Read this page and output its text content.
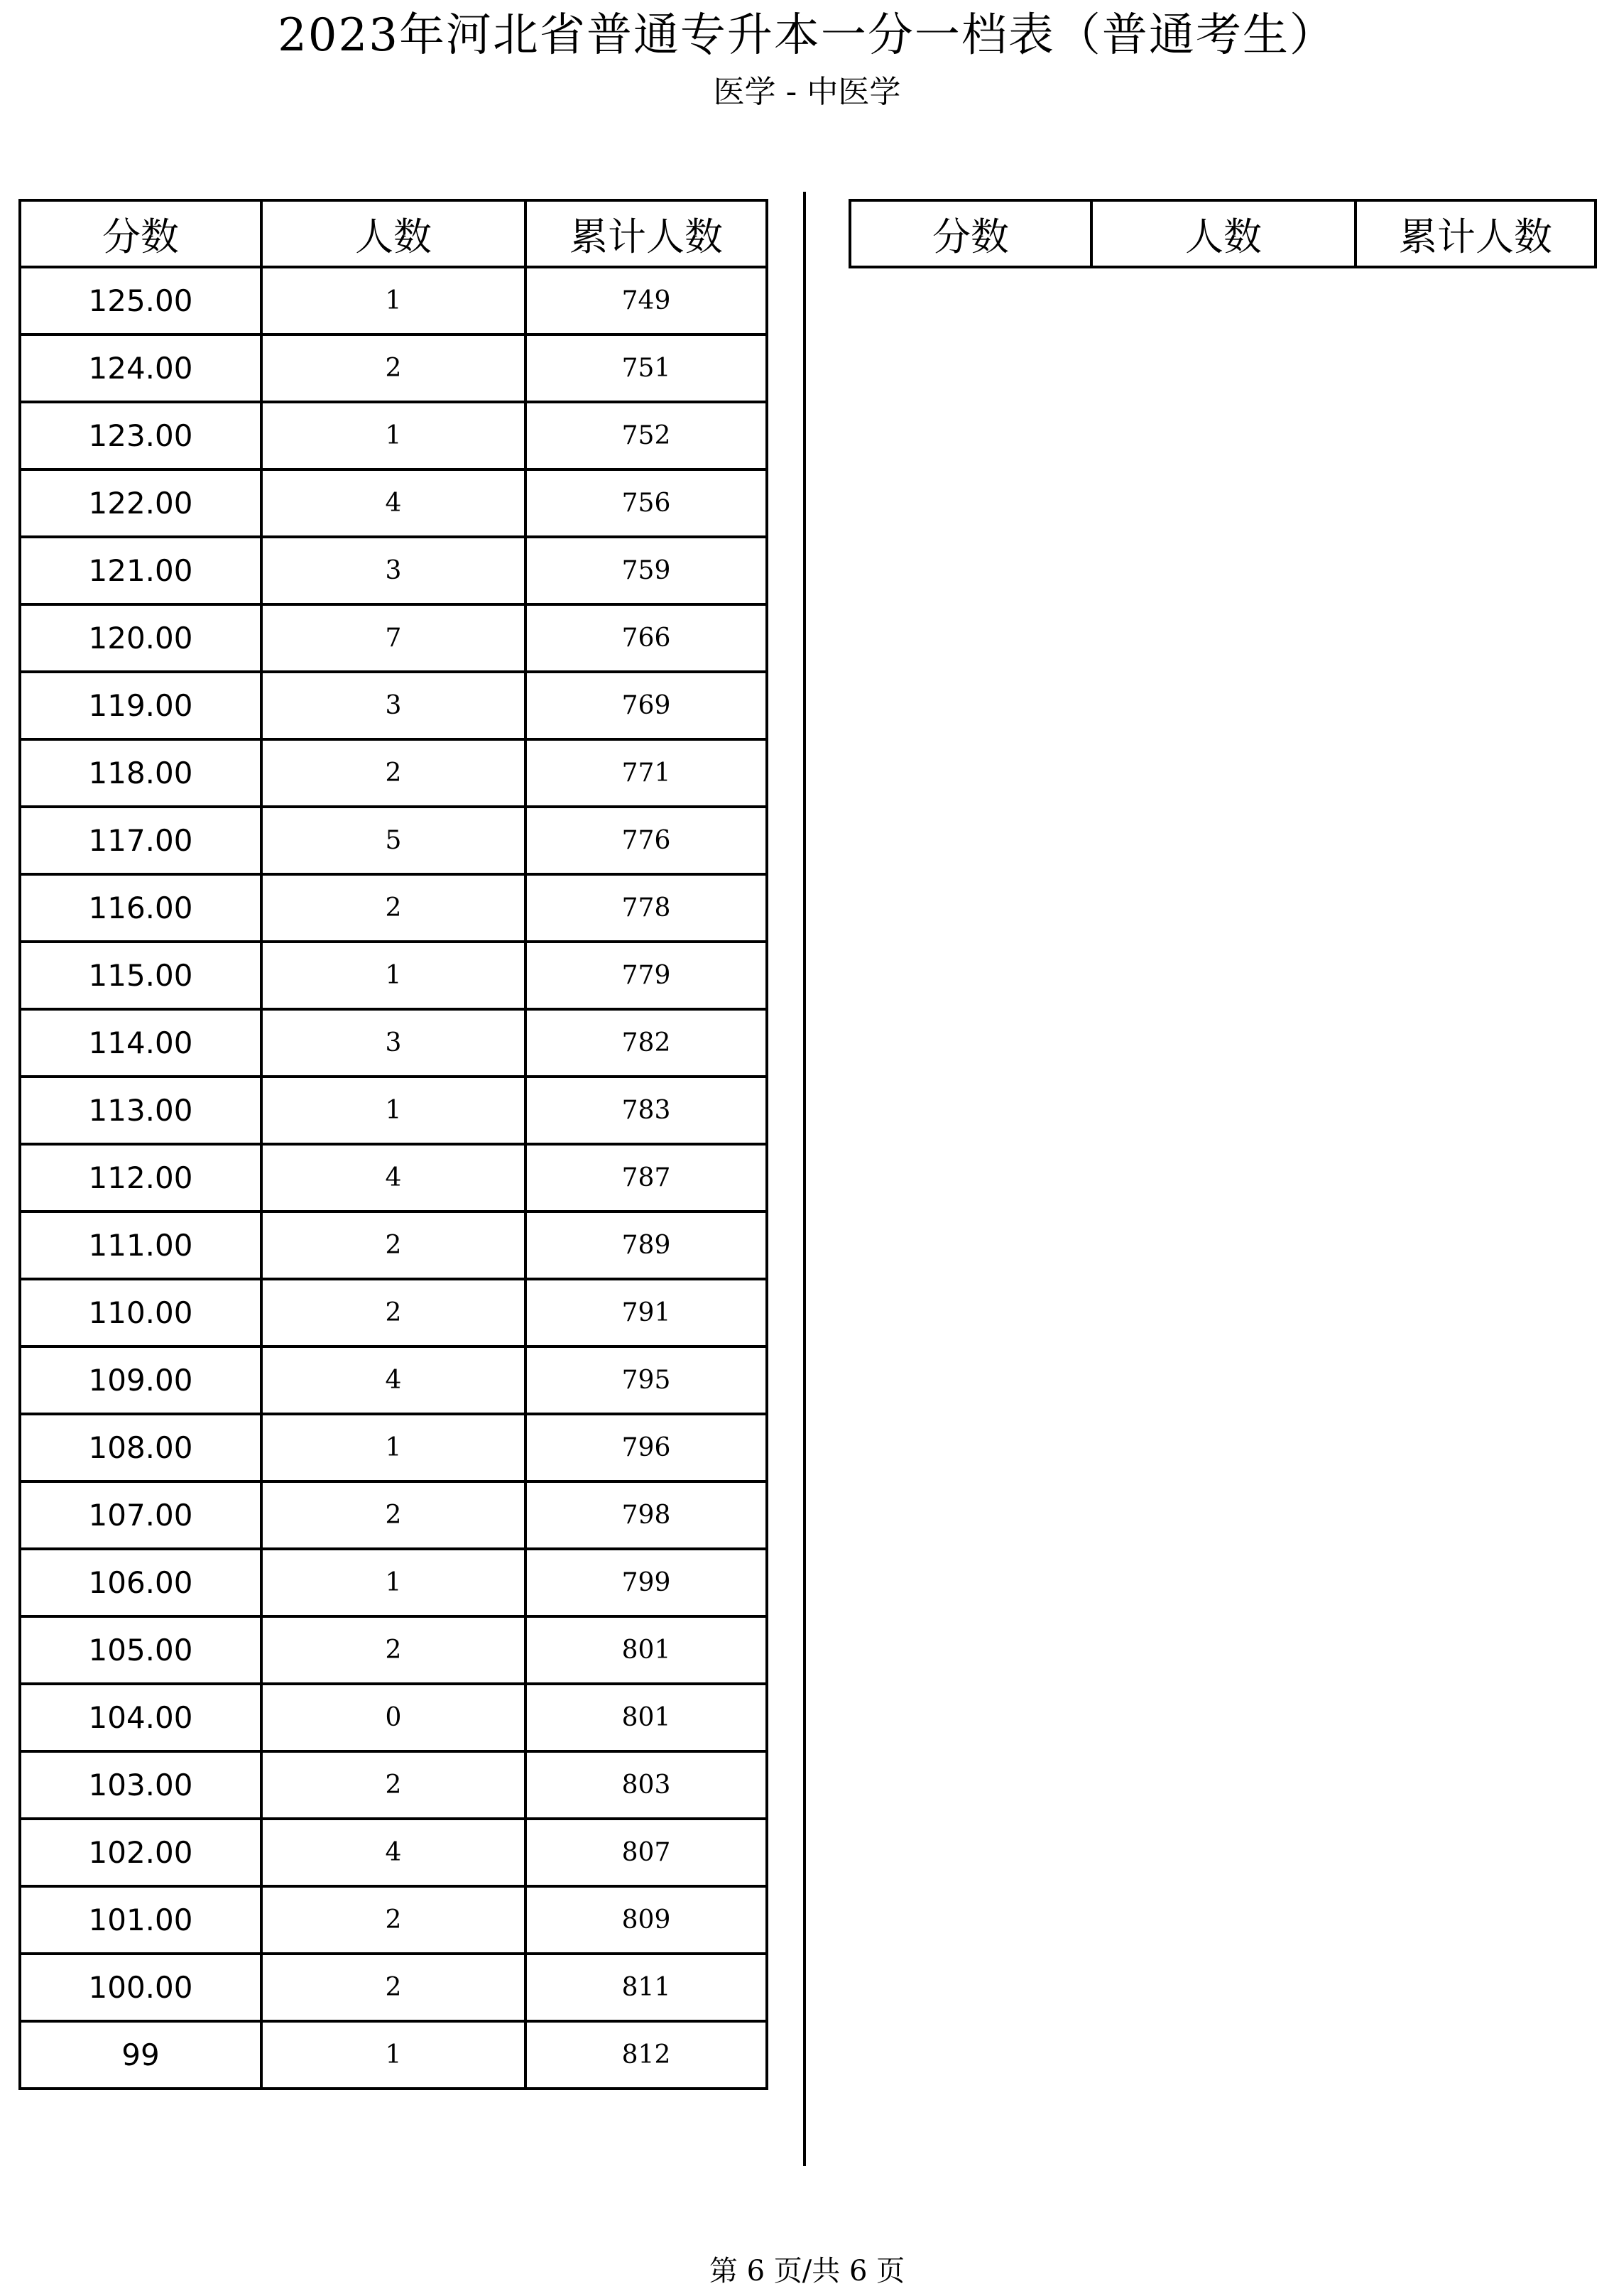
2023年河北省普通专升本一分一档表（普通考生）
医学 - 中医学
分数	人数	累计人数
125.00	1	749
124.00	2	751
123.00	1	752
122.00	4	756
121.00	3	759
120.00	7	766
119.00	3	769
118.00	2	771
117.00	5	776
116.00	2	778
115.00	1	779
114.00	3	782
113.00	1	783
112.00	4	787
111.00	2	789
110.00	2	791
109.00	4	795
108.00	1	796
107.00	2	798
106.00	1	799
105.00	2	801
104.00	0	801
103.00	2	803
102.00	4	807
101.00	2	809
100.00	2	811
99	1	812
分数	人数	累计人数
第 6 页/共 6 页
